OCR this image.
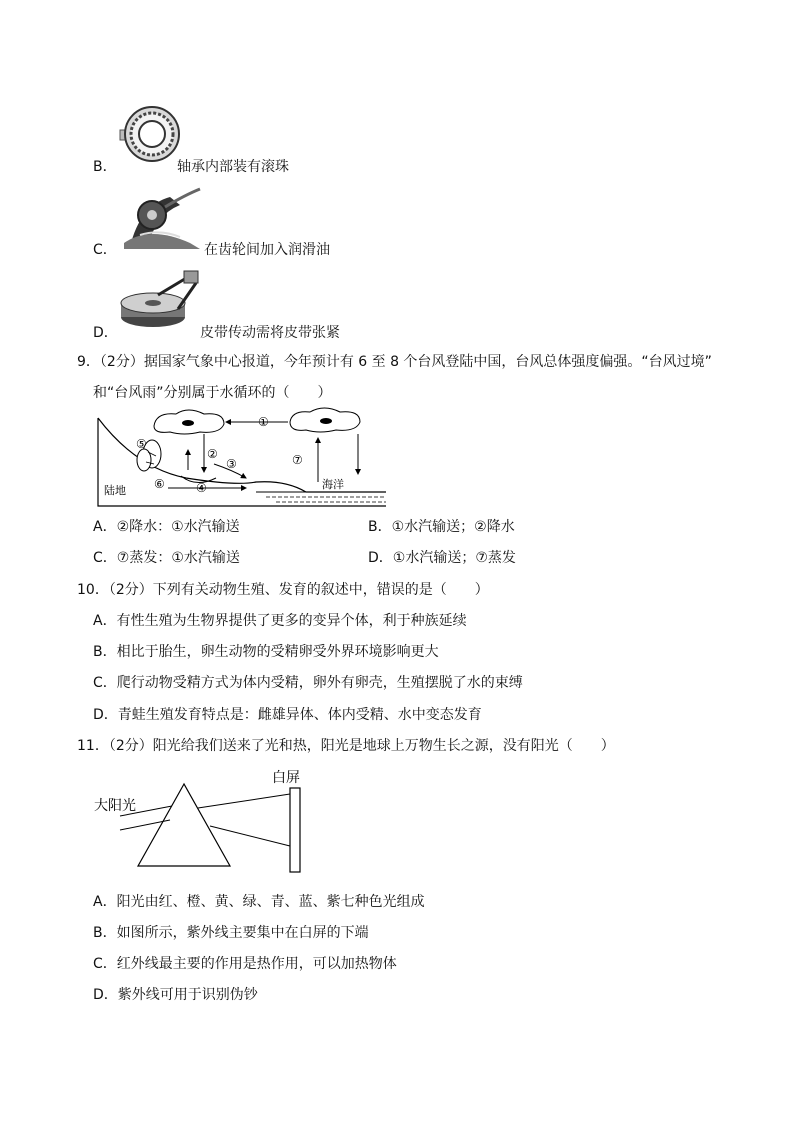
B．	轴承内部装有滚珠
C．	在齿轮间加入润滑油
D．	皮带传动需将皮带张紧
9．（2分）据国家气象中心报道，今年预计有 6 至 8 个台风登陆中国，台风总体强度偏强。“台风过境”
和“台风雨”分别属于水循环的（　　）
①
②
③
④
⑤
⑥
⑦
陆地	海洋
A．②降水：①水汽输送	B．①水汽输送；②降水
C．⑦蒸发：①水汽输送	D．①水汽输送；⑦蒸发
10．（2分）下列有关动物生殖、发育的叙述中，错误的是（　　）
A．有性生殖为生物界提供了更多的变异个体，利于种族延续
B．相比于胎生，卵生动物的受精卵受外界环境影响更大
C．爬行动物受精方式为体内受精，卵外有卵壳，生殖摆脱了水的束缚
D．青蛙生殖发育特点是：雌雄异体、体内受精、水中变态发育
11．（2分）阳光给我们送来了光和热，阳光是地球上万物生长之源，没有阳光（　　）
白屏
大阳光
A．阳光由红、橙、黄、绿、青、蓝、紫七种色光组成
B．如图所示，紫外线主要集中在白屏的下端
C．红外线最主要的作用是热作用，可以加热物体
D．紫外线可用于识别伪钞
